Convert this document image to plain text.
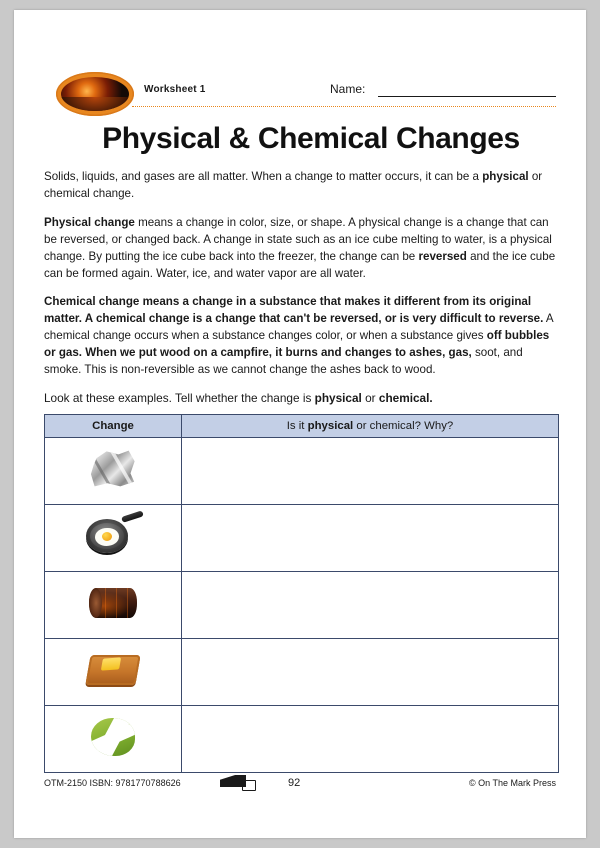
Worksheet 1	Name:
Physical & Chemical Changes

Solids, liquids, and gases are all matter. When a change to matter occurs, it can be a physical or chemical change.

Physical change means a change in color, size, or shape. A physical change is a change that can be reversed, or changed back. A change in state such as an ice cube melting to water, is a physical change. By putting the ice cube back into the freezer, the change can be reversed and the ice cube can be formed again. Water, ice, and water vapor are all water.

Chemical change means a change in a substance that makes it different from its original matter. A chemical change is a change that can't be reversed, or is very difficult to reverse. A chemical change occurs when a substance changes color, or when a substance gives off bubbles or gas. When we put wood on a campfire, it burns and changes to ashes, gas, soot, and smoke. This is non-reversible as we cannot change the ashes back to wood.

Look at these examples. Tell whether the change is physical or chemical.

Change	Is it physical or chemical? Why?

OTM-2150 ISBN: 9781770788626	92	© On The Mark Press
